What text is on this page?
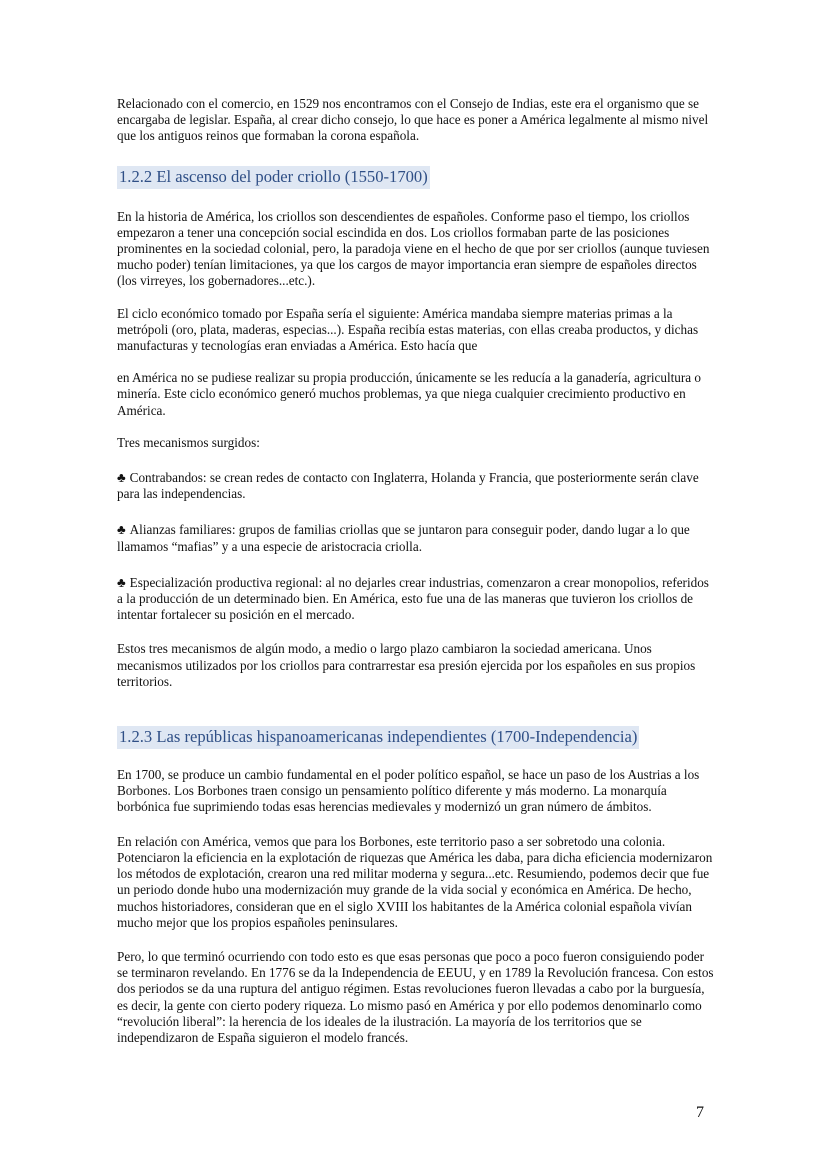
Relacionado con el comercio, en 1529 nos encontramos con el Consejo de Indias, este era el organismo que se encargaba de legislar. España, al crear dicho consejo, lo que hace es poner a América legalmente al mismo nivel que los antiguos reinos que formaban la corona española.

1.2.2 El ascenso del poder criollo (1550-1700)

En la historia de América, los criollos son descendientes de españoles. Conforme paso el tiempo, los criollos empezaron a tener una concepción social escindida en dos. Los criollos formaban parte de las posiciones prominentes en la sociedad colonial, pero, la paradoja viene en el hecho de que por ser criollos (aunque tuviesen mucho poder) tenían limitaciones, ya que los cargos de mayor importancia eran siempre de españoles directos (los virreyes, los gobernadores...etc.).

El ciclo económico tomado por España sería el siguiente: América mandaba siempre materias primas a la metrópoli (oro, plata, maderas, especias...). España recibía estas materias, con ellas creaba productos, y dichas manufacturas y tecnologías eran enviadas a América. Esto hacía que

en América no se pudiese realizar su propia producción, únicamente se les reducía a la ganadería, agricultura o minería. Este ciclo económico generó muchos problemas, ya que niega cualquier crecimiento productivo en América.

Tres mecanismos surgidos:

♣ Contrabandos: se crean redes de contacto con Inglaterra, Holanda y Francia, que posteriormente serán clave para las independencias.

♣ Alianzas familiares: grupos de familias criollas que se juntaron para conseguir poder, dando lugar a lo que llamamos “mafias” y a una especie de aristocracia criolla.

♣ Especialización productiva regional: al no dejarles crear industrias, comenzaron a crear monopolios, referidos a la producción de un determinado bien. En América, esto fue una de las maneras que tuvieron los criollos de intentar fortalecer su posición en el mercado.

Estos tres mecanismos de algún modo, a medio o largo plazo cambiaron la sociedad americana. Unos mecanismos utilizados por los criollos para contrarrestar esa presión ejercida por los españoles en sus propios territorios.

1.2.3 Las repúblicas hispanoamericanas independientes (1700-Independencia)

En 1700, se produce un cambio fundamental en el poder político español, se hace un paso de los Austrias a los Borbones. Los Borbones traen consigo un pensamiento político diferente y más moderno. La monarquía borbónica fue suprimiendo todas esas herencias medievales y modernizó un gran número de ámbitos.

En relación con América, vemos que para los Borbones, este territorio paso a ser sobretodo una colonia. Potenciaron la eficiencia en la explotación de riquezas que América les daba, para dicha eficiencia modernizaron los métodos de explotación, crearon una red militar moderna y segura...etc. Resumiendo, podemos decir que fue un periodo donde hubo una modernización muy grande de la vida social y económica en América. De hecho, muchos historiadores, consideran que en el siglo XVIII los habitantes de la América colonial española vivían mucho mejor que los propios españoles peninsulares.

Pero, lo que terminó ocurriendo con todo esto es que esas personas que poco a poco fueron consiguiendo poder se terminaron revelando. En 1776 se da la Independencia de EEUU, y en 1789 la Revolución francesa. Con estos dos periodos se da una ruptura del antiguo régimen. Estas revoluciones fueron llevadas a cabo por la burguesía, es decir, la gente con cierto podery riqueza. Lo mismo pasó en América y por ello podemos denominarlo como “revolución liberal”: la herencia de los ideales de la ilustración. La mayoría de los territorios que se independizaron de España siguieron el modelo francés.

7
